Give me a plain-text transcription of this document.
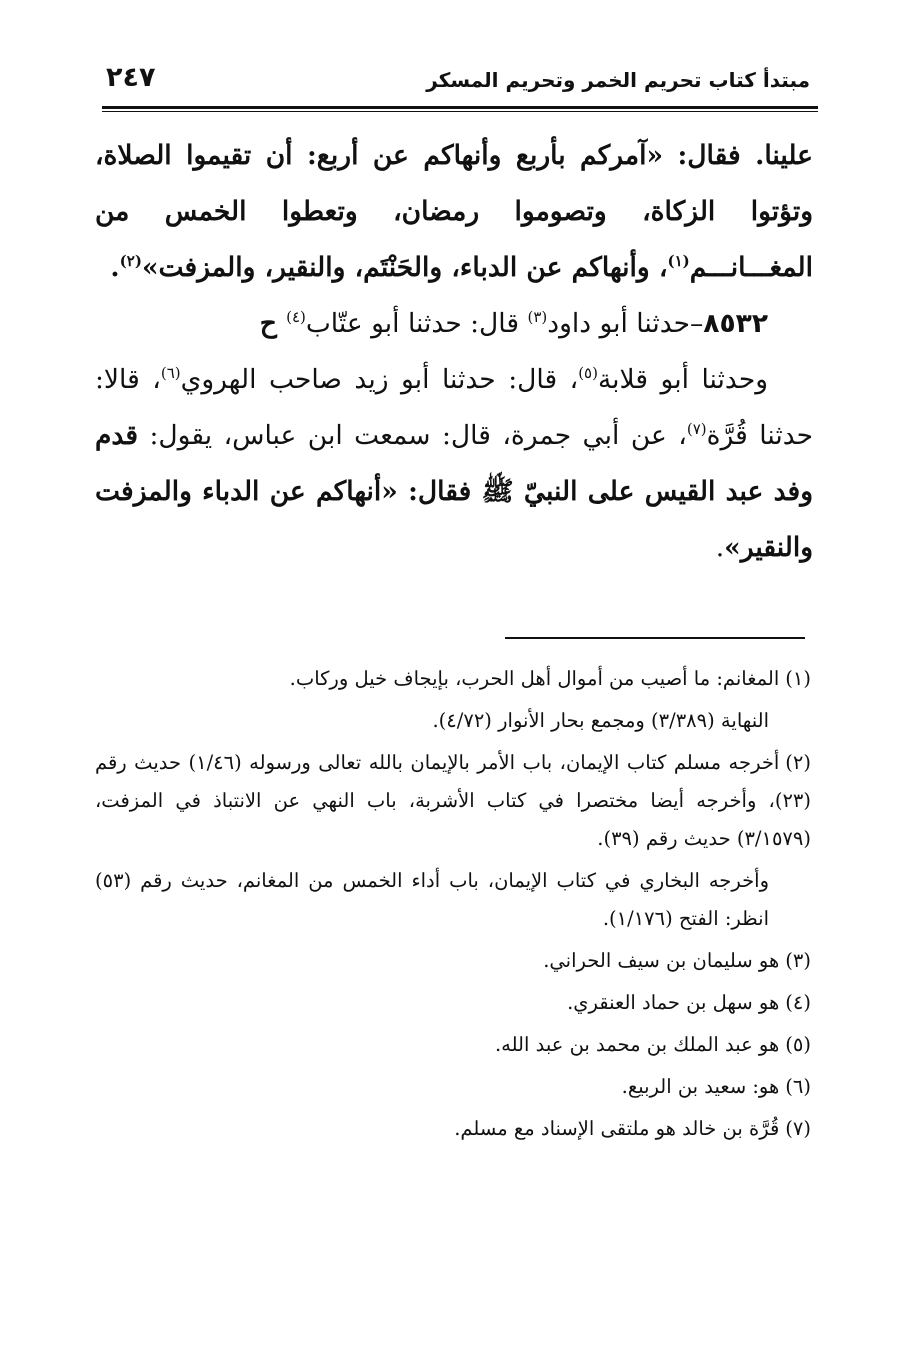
مبتدأ كتاب تحريم الخمر وتحريم المسكر
٢٤٧

علينا. فقال: «آمركم بأربع وأنهاكم عن أربع: أن تقيموا الصلاة، وتؤتوا الزكاة، وتصوموا رمضان، وتعطوا الخمس من المغـــانـــم$^{(١)}$، وأنهاكم عن الدباء، والحَنْتَم، والنقير، والمزفت»$^{(٢)}$.

٨٥٣٢–حدثنا أبو داود$^{(٣)}$ قال: حدثنا أبو عتّاب$^{(٤)}$ ح

وحدثنا أبو قلابة$^{(٥)}$، قال: حدثنا أبو زيد صاحب الهروي$^{(٦)}$، قالا: حدثنا قُرَّة$^{(٧)}$، عن أبي جمرة، قال: سمعت ابن عباس، يقول: قدم وفد عبد القيس على النبيّ ﷺ فقال: «أنهاكم عن الدباء والمزفت والنقير».

(١)المغانم: ما أصيب من أموال أهل الحرب، بإيجاف خيل وركاب.

النهاية (٣/٣٨٩) ومجمع بحار الأنوار (٤/٧٢).

(٢)أخرجه مسلم كتاب الإيمان، باب الأمر بالإيمان بالله تعالى ورسوله (١/٤٦) حديث رقم (٢٣)، وأخرجه أيضا مختصرا في كتاب الأشربة، باب النهي عن الانتباذ في المزفت، (٣/١٥٧٩) حديث رقم (٣٩).

وأخرجه البخاري في كتاب الإيمان، باب أداء الخمس من المغانم، حديث رقم (٥٣) انظر: الفتح (١/١٧٦).

(٣)هو سليمان بن سيف الحراني.

(٤)هو سهل بن حماد العنقري.

(٥)هو عبد الملك بن محمد بن عبد الله.

(٦)هو: سعيد بن الربيع.

(٧)قُرَّة بن خالد هو ملتقى الإسناد مع مسلم.
